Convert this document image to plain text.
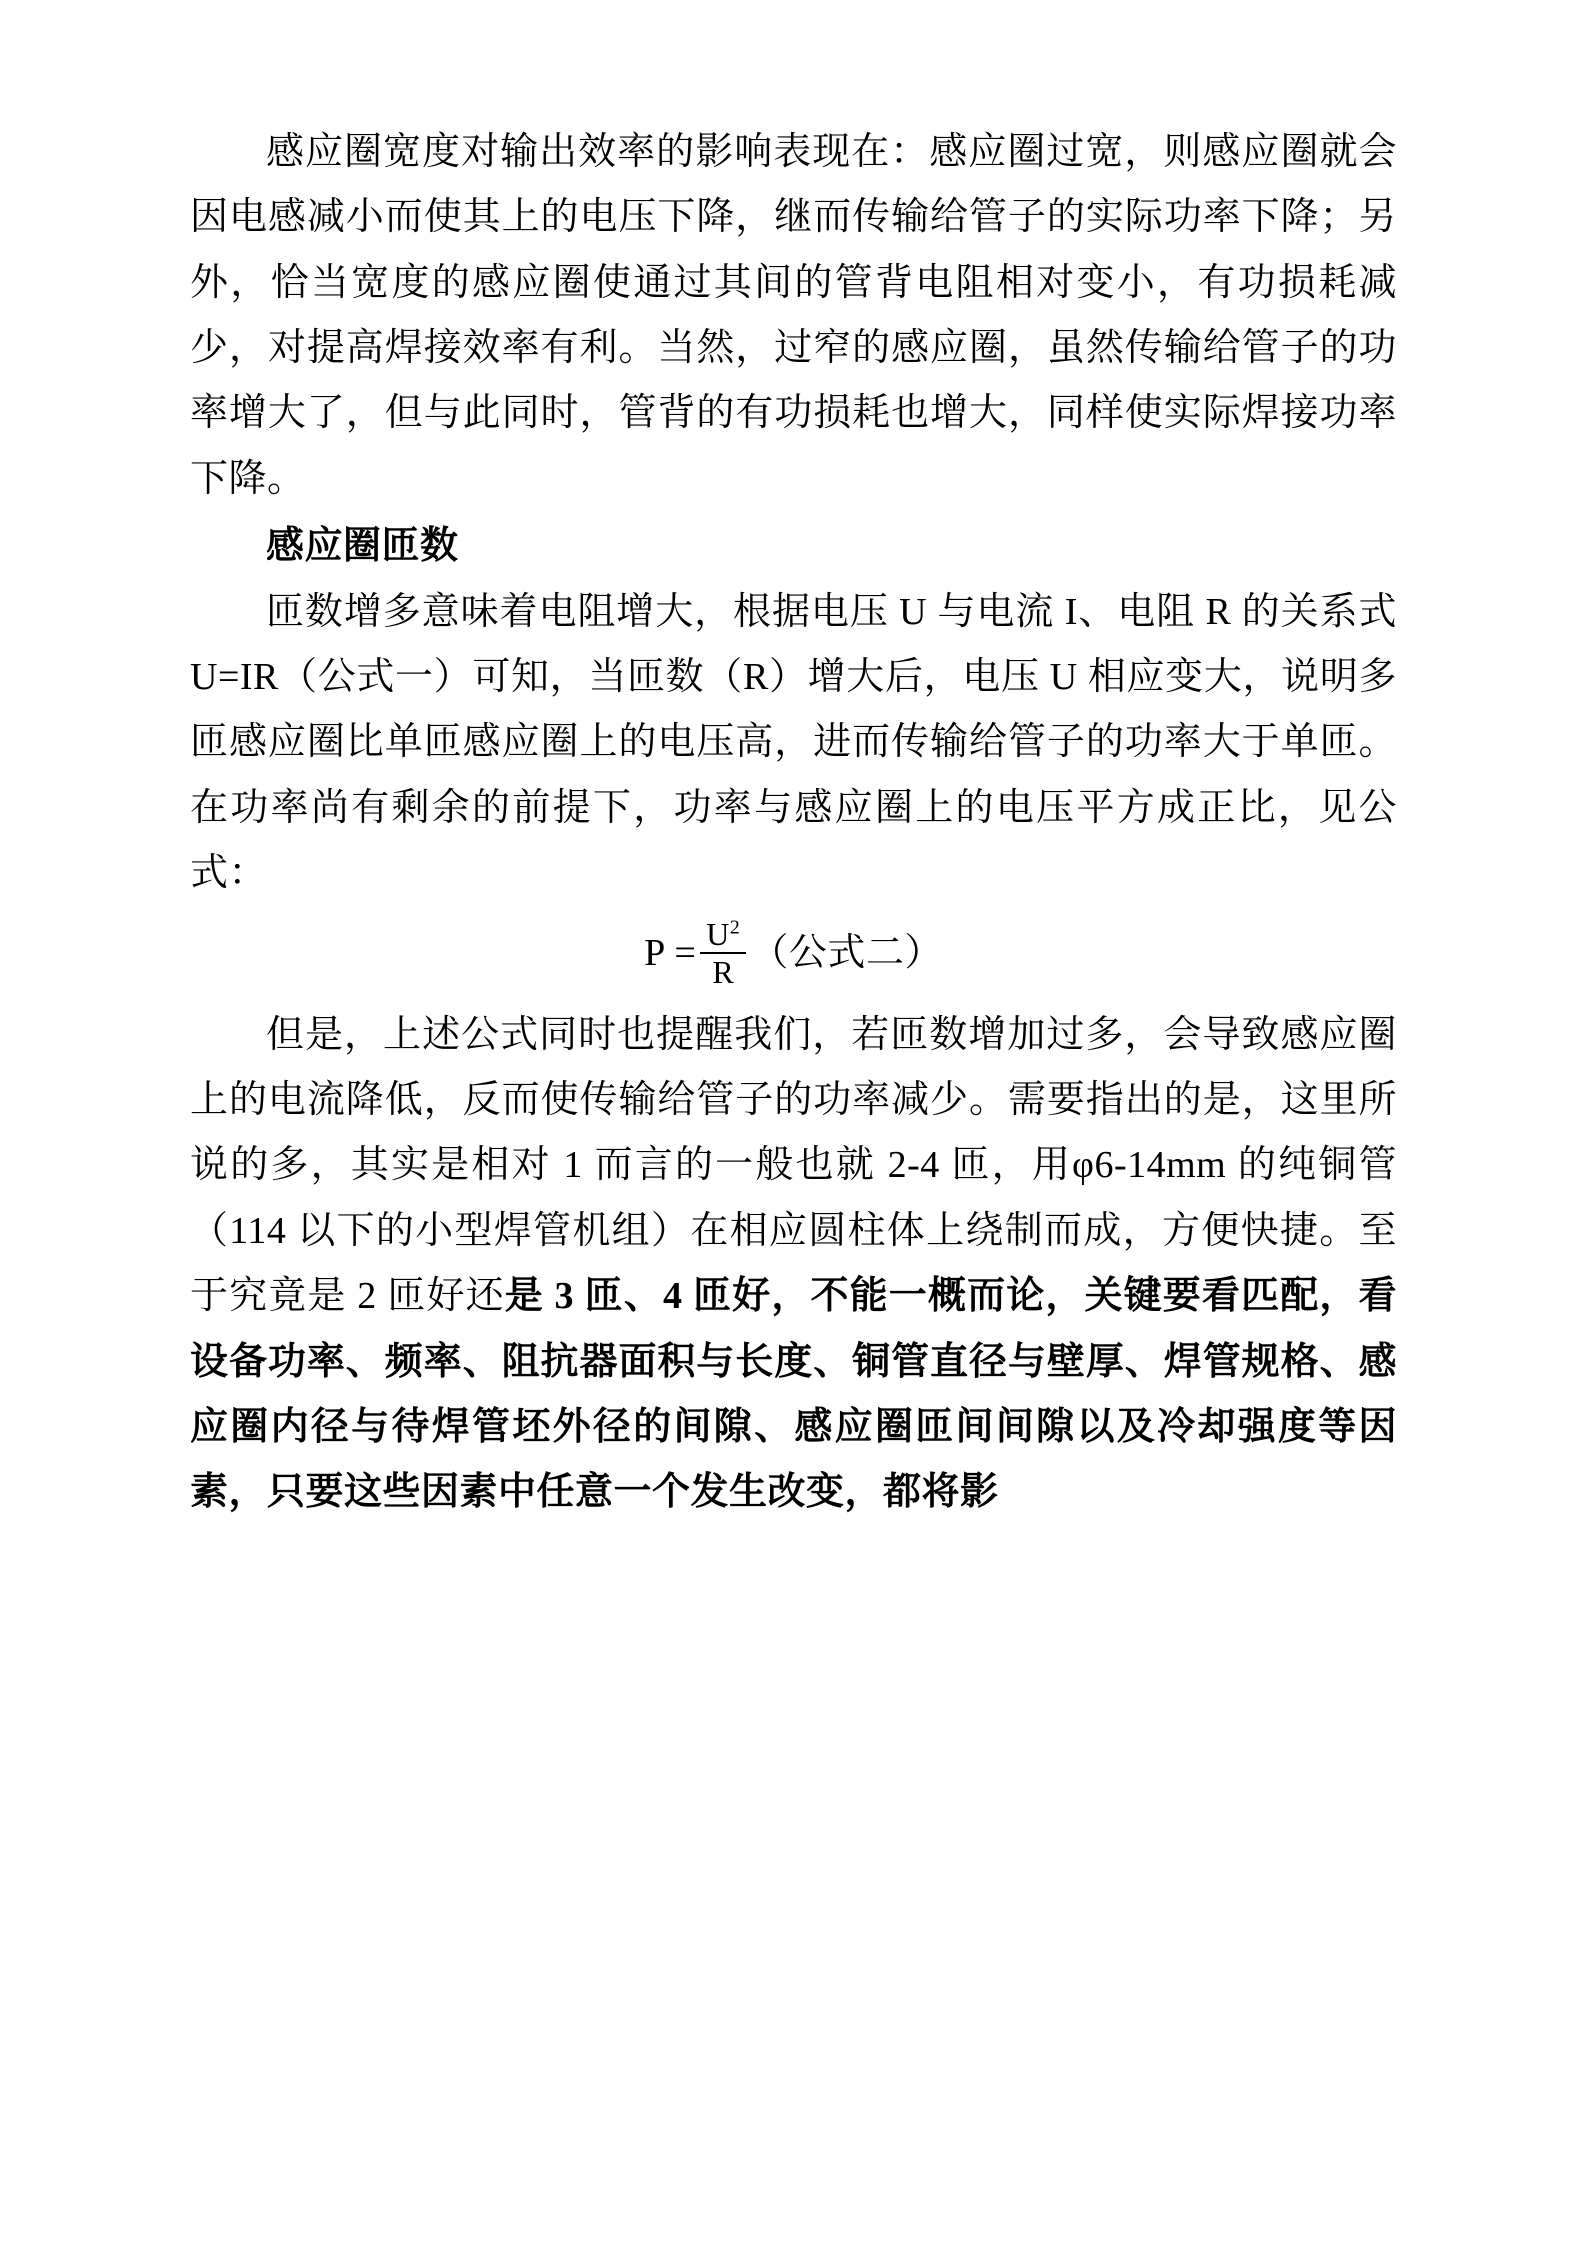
感应圈宽度对输出效率的影响表现在：感应圈过宽，则感应圈就会因电感减小而使其上的电压下降，继而传输给管子的实际功率下降；另外，恰当宽度的感应圈使通过其间的管背电阻相对变小，有功损耗减少，对提高焊接效率有利。当然，过窄的感应圈，虽然传输给管子的功率增大了，但与此同时，管背的有功损耗也增大，同样使实际焊接功率下降。

感应圈匝数

匝数增多意味着电阻增大，根据电压 U 与电流 I、电阻 R 的关系式 U=IR（公式一）可知，当匝数（R）增大后，电压 U 相应变大，说明多匝感应圈比单匝感应圈上的电压高，进而传输给管子的功率大于单匝。在功率尚有剩余的前提下，功率与感应圈上的电压平方成正比，见公式：

$P = \frac{U^2}{R}$ （公式二）

但是，上述公式同时也提醒我们，若匝数增加过多，会导致感应圈上的电流降低，反而使传输给管子的功率减少。需要指出的是，这里所说的多，其实是相对 1 而言的一般也就 2-4 匝，用φ6-14mm 的纯铜管（114 以下的小型焊管机组）在相应圆柱体上绕制而成，方便快捷。至于究竟是 2 匝好还是 3 匝、4 匝好，不能一概而论，关键要看匹配，看设备功率、频率、阻抗器面积与长度、铜管直径与壁厚、焊管规格、感应圈内径与待焊管坯外径的间隙、感应圈匝间间隙以及冷却强度等因素，只要这些因素中任意一个发生改变，都将影
